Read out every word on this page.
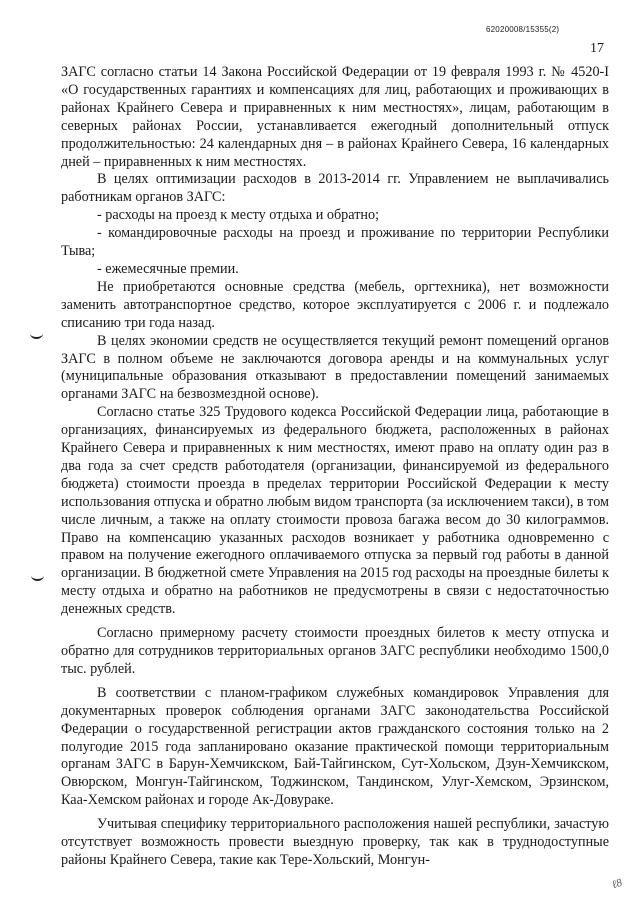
62020008/15355(2)
17

ЗАГС согласно статьи 14 Закона Российской Федерации от 19 февраля 1993 г. № 4520-I «О государственных гарантиях и компенсациях для лиц, работающих и проживающих в районах Крайнего Севера и приравненных к ним местностях», лицам, работающим в северных районах России, устанавливается ежегодный дополнительный отпуск продолжительностью: 24 календарных дня – в районах Крайнего Севера, 16 календарных дней – приравненных к ним местностях.

В целях оптимизации расходов в 2013-2014 гг. Управлением не выплачивались работникам органов ЗАГС:

- расходы на проезд к месту отдыха и обратно;

- командировочные расходы на проезд и проживание по территории Республики Тыва;

- ежемесячные премии.

Не приобретаются основные средства (мебель, оргтехника), нет возможности заменить автотранспортное средство, которое эксплуатируется с 2006 г. и подлежало списанию три года назад.

В целях экономии средств не осуществляется текущий ремонт помещений органов ЗАГС в полном объеме не заключаются договора аренды и на коммунальных услуг (муниципальные образования отказывают в предоставлении помещений занимаемых органами ЗАГС на безвозмездной основе).

Согласно статье 325 Трудового кодекса Российской Федерации лица, работающие в организациях, финансируемых из федерального бюджета, расположенных в районах Крайнего Севера и приравненных к ним местностях, имеют право на оплату один раз в два года за счет средств работодателя (организации, финансируемой из федерального бюджета) стоимости проезда в пределах территории Российской Федерации к месту использования отпуска и обратно любым видом транспорта (за исключением такси), в том числе личным, а также на оплату стоимости провоза багажа весом до 30 килограммов. Право на компенсацию указанных расходов возникает у работника одновременно с правом на получение ежегодного оплачиваемого отпуска за первый год работы в данной организации. В бюджетной смете Управления на 2015 год расходы на проездные билеты к месту отдыха и обратно на работников не предусмотрены в связи с недостаточностью денежных средств.

Согласно примерному расчету стоимости проездных билетов к месту отпуска и обратно для сотрудников территориальных органов ЗАГС республики необходимо 1500,0 тыс. рублей.

В соответствии с планом-графиком служебных командировок Управления для документарных проверок соблюдения органами ЗАГС законодательства Российской Федерации о государственной регистрации актов гражданского состояния только на 2 полугодие 2015 года запланировано оказание практической помощи территориальным органам ЗАГС в Барун-Хемчикском, Бай-Тайгинском, Сут-Хольском, Дзун-Хемчикском, Овюрском, Монгун-Тайгинском, Тоджинском, Тандинском, Улуг-Хемском, Эрзинском, Каа-Хемском районах и городе Ак-Довураке.

Учитывая специфику территориального расположения нашей республики, зачастую отсутствует возможность провести выездную проверку, так как в труднодоступные районы Крайнего Севера, такие как Тере-Хольский, Монгун-

ℓ8
